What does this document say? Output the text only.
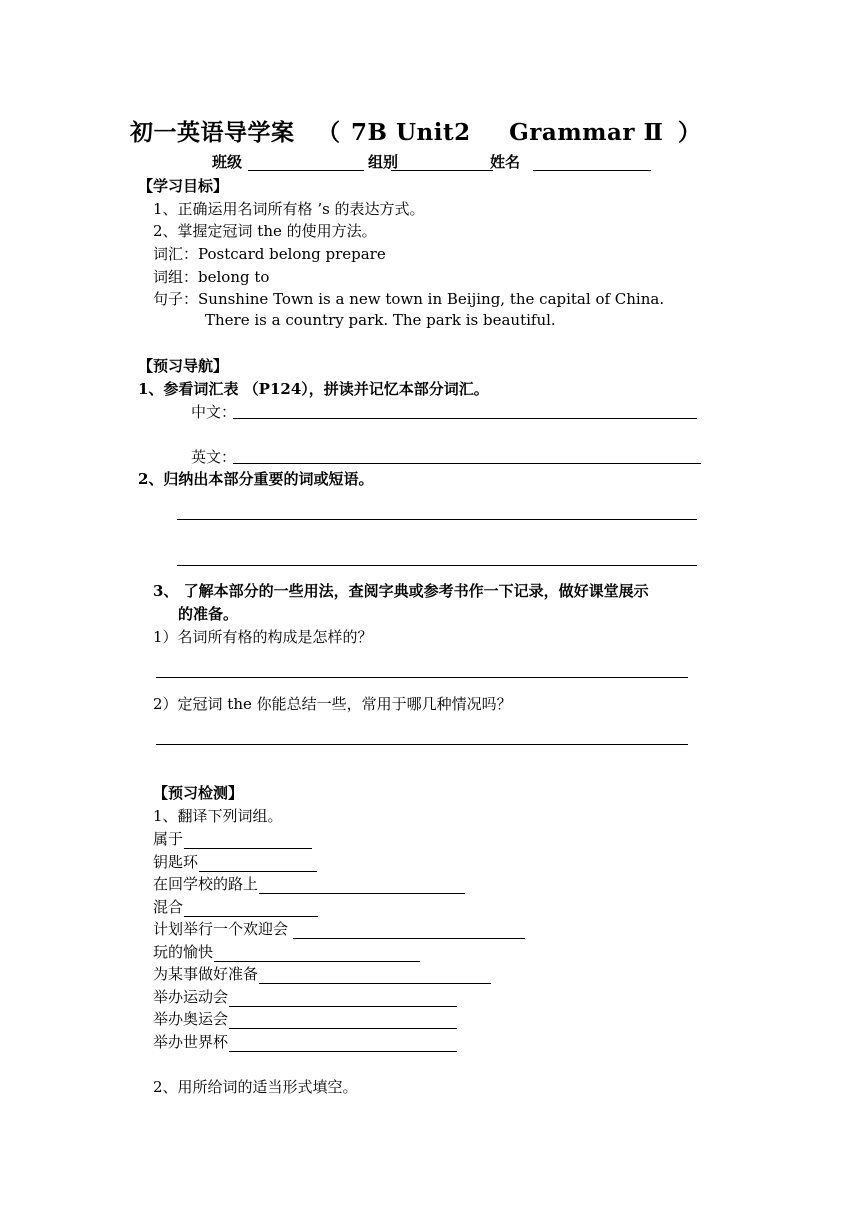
初一英语导学案 （ 7B Unit2 Grammar Ⅱ ）
班级	组别	姓名
【学习目标】
1、正确运用名词所有格 ’s 的表达方式。
2、掌握定冠词 the 的使用方法。
词汇：Postcard belong prepare
词组：belong to
句子：Sunshine Town is a new town in Beijing, the capital of China.
There is a country park. The park is beautiful.
【预习导航】
1、参看词汇表 （P124），拼读并记忆本部分词汇。
中文：
英文：
2、归纳出本部分重要的词或短语。
3、 了解本部分的一些用法，查阅字典或参考书作一下记录，做好课堂展示
的准备。
1）名词所有格的构成是怎样的？
2）定冠词 the 你能总结一些，常用于哪几种情况吗？
【预习检测】
1、翻译下列词组。
属于
钥匙环
在回学校的路上
混合
计划举行一个欢迎会
玩的愉快
为某事做好准备
举办运动会
举办奥运会
举办世界杯
2、用所给词的适当形式填空。
